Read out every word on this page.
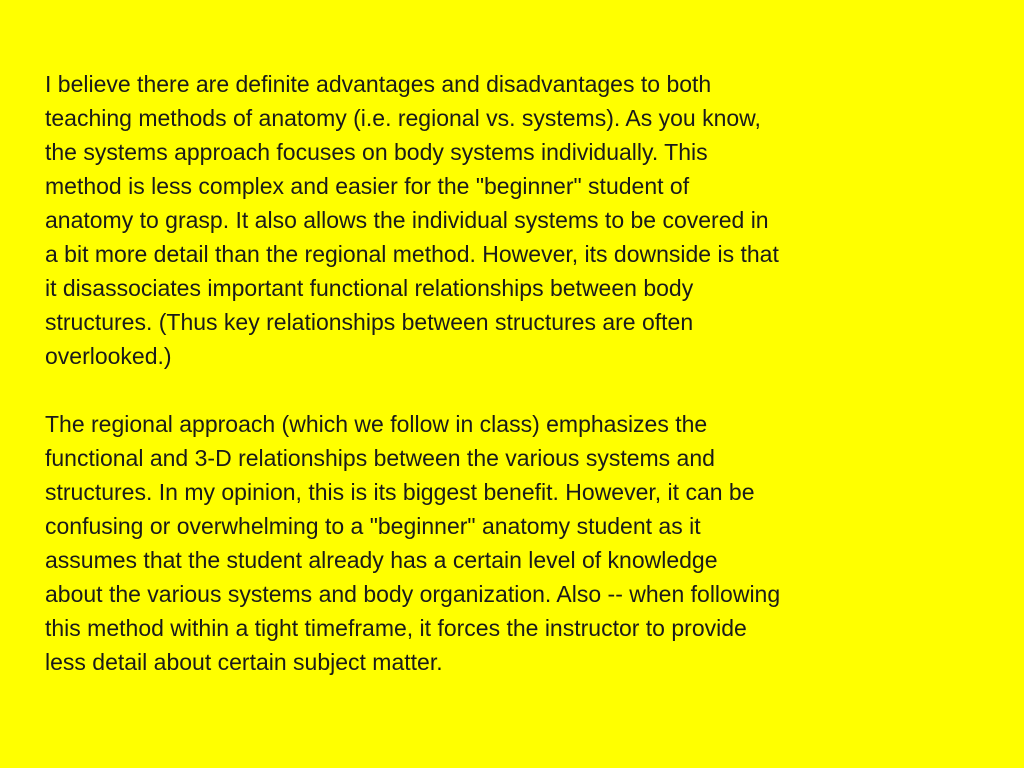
I believe there are definite advantages and disadvantages to both
teaching methods of anatomy (i.e. regional vs. systems). As you know,
the systems approach focuses on body systems individually. This
method is less complex and easier for the "beginner" student of
anatomy to grasp. It also allows the individual systems to be covered in
a bit more detail than the regional method. However, its downside is that
it disassociates important functional relationships between body
structures. (Thus key relationships between structures are often
overlooked.)

The regional approach (which we follow in class) emphasizes the
functional and 3-D relationships between the various systems and
structures. In my opinion, this is its biggest benefit. However, it can be
confusing or overwhelming to a "beginner" anatomy student as it
assumes that the student already has a certain level of knowledge
about the various systems and body organization. Also -- when following
this method within a tight timeframe, it forces the instructor to provide
less detail about certain subject matter.
